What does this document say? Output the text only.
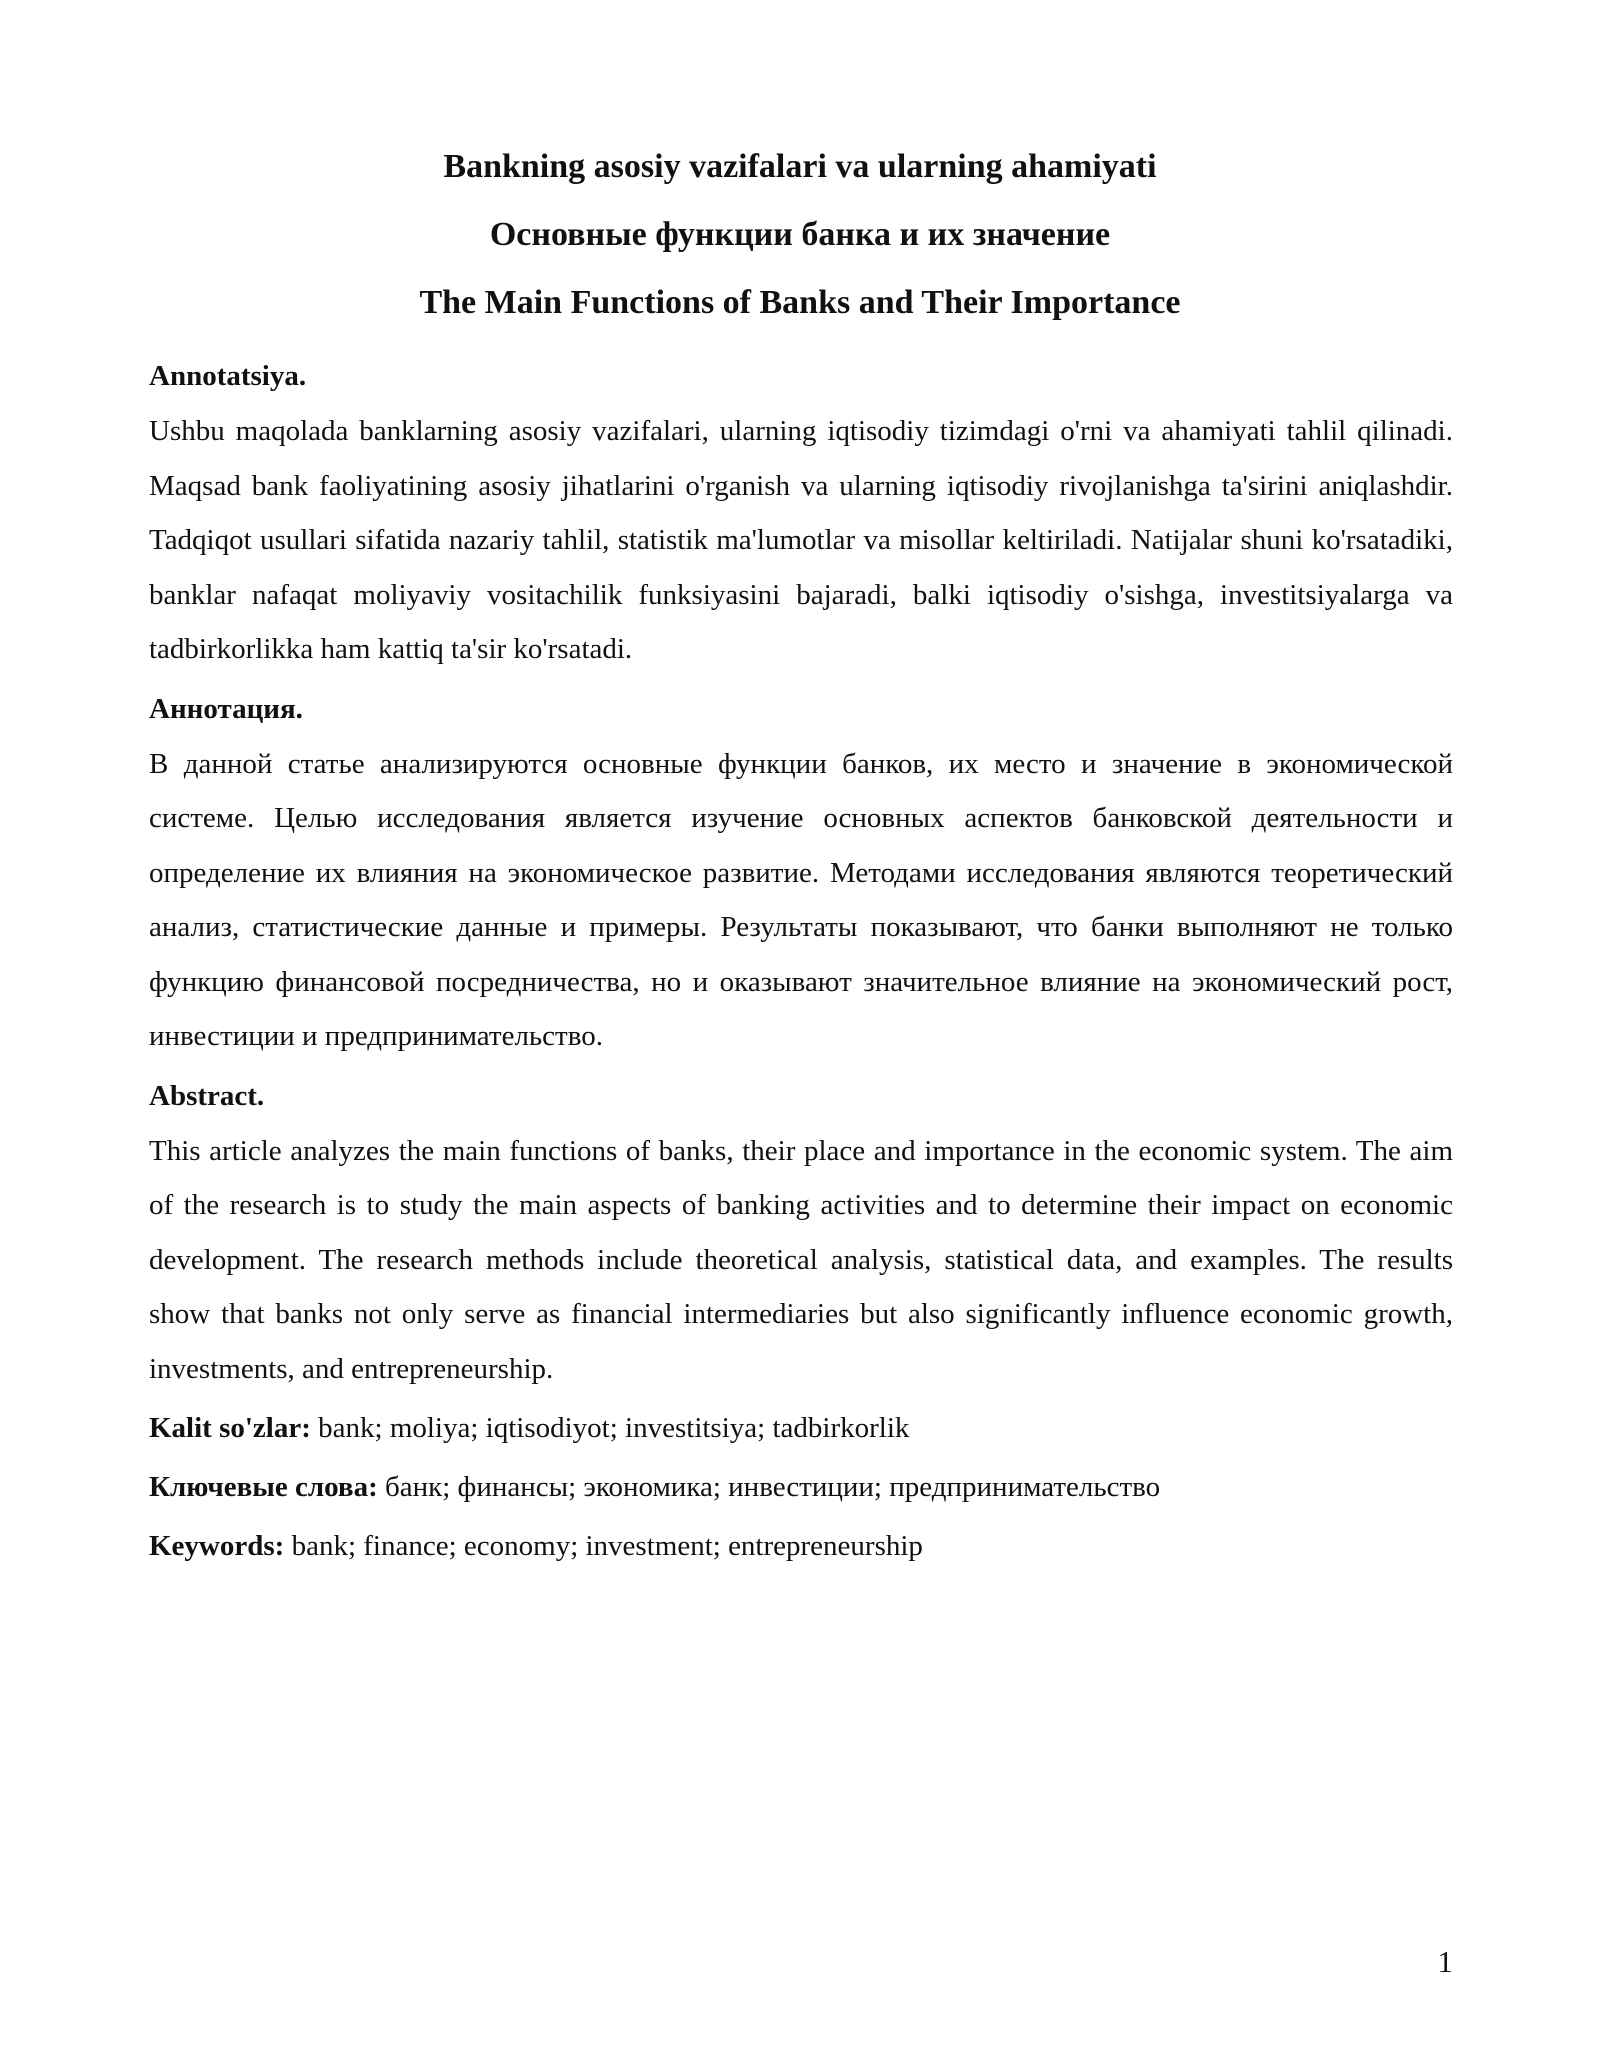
Bankning asosiy vazifalari va ularning ahamiyati
Основные функции банка и их значение
The Main Functions of Banks and Their Importance
Annotatsiya.

Ushbu maqolada banklarning asosiy vazifalari, ularning iqtisodiy tizimdagi o'rni va ahamiyati tahlil qilinadi. Maqsad bank faoliyatining asosiy jihatlarini o'rganish va ularning iqtisodiy rivojlanishga ta'sirini aniqlashdir. Tadqiqot usullari sifatida nazariy tahlil, statistik ma'lumotlar va misollar keltiriladi. Natijalar shuni ko'rsatadiki, banklar nafaqat moliyaviy vositachilik funksiyasini bajaradi, balki iqtisodiy o'sishga, investitsiyalarga va tadbirkorlikka ham kattiq ta'sir ko'rsatadi.

Аннотация.

В данной статье анализируются основные функции банков, их место и значение в экономической системе. Целью исследования является изучение основных аспектов банковской деятельности и определение их влияния на экономическое развитие. Методами исследования являются теоретический анализ, статистические данные и примеры. Результаты показывают, что банки выполняют не только функцию финансовой посредничества, но и оказывают значительное влияние на экономический рост, инвестиции и предпринимательство.

Abstract.

This article analyzes the main functions of banks, their place and importance in the economic system. The aim of the research is to study the main aspects of banking activities and to determine their impact on economic development. The research methods include theoretical analysis, statistical data, and examples. The results show that banks not only serve as financial intermediaries but also significantly influence economic growth, investments, and entrepreneurship.

Kalit so'zlar: bank; moliya; iqtisodiyot; investitsiya; tadbirkorlik
Ключевые слова: банк; финансы; экономика; инвестиции; предпринимательство
Keywords: bank; finance; economy; investment; entrepreneurship
1
